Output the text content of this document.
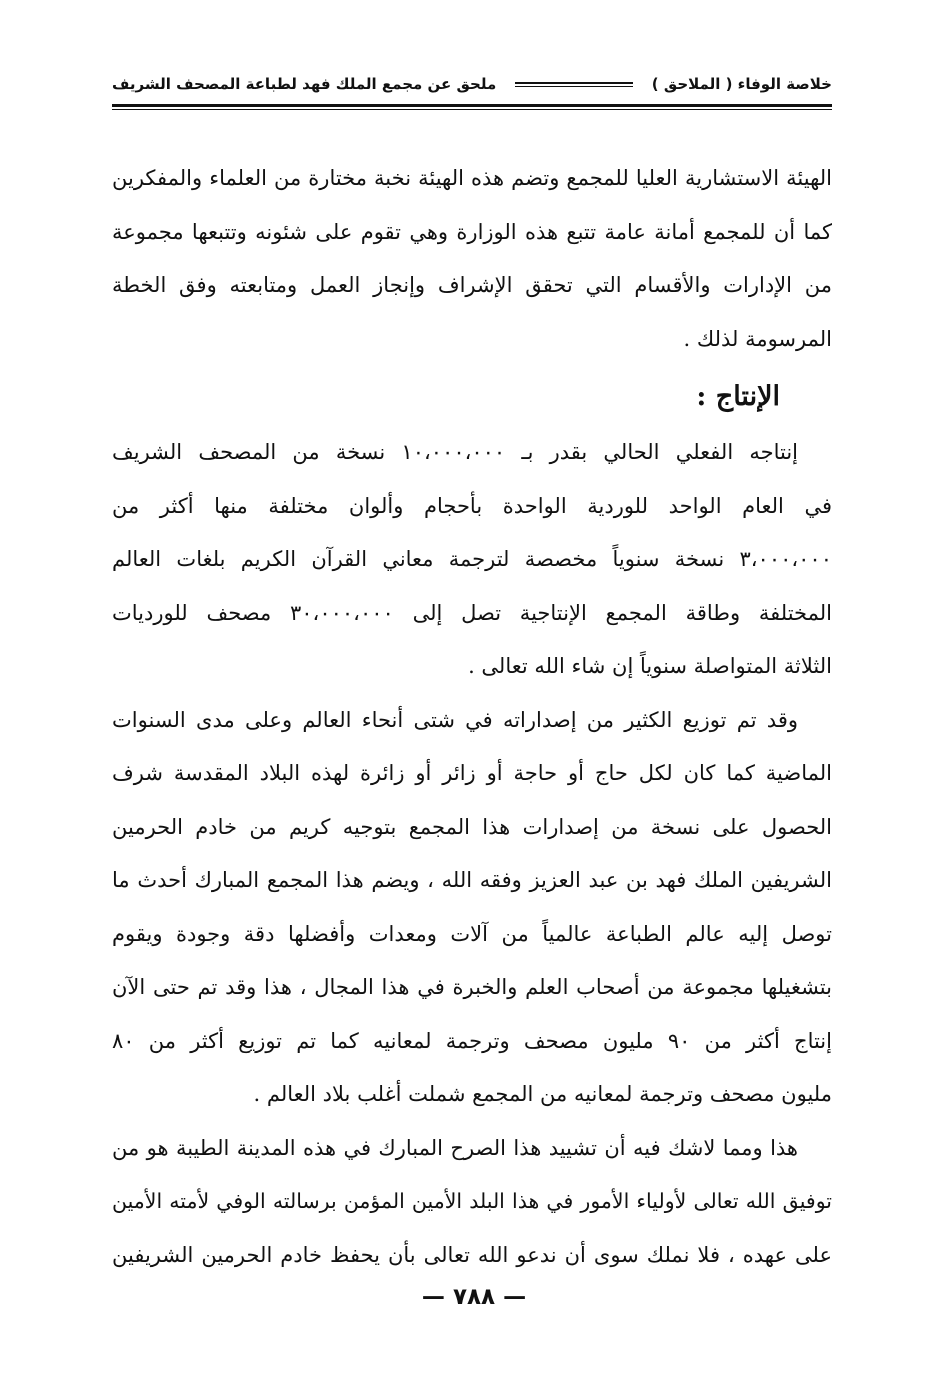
خلاصة الوفاء ( الملاحق )
ملحق عن مجمع الملك فهد لطباعة المصحف الشريف

الهيئة الاستشارية العليا للمجمع وتضم هذه الهيئة نخبة مختارة من العلماء والمفكرين
كما أن للمجمع أمانة عامة تتبع هذه الوزارة وهي تقوم على شئونه وتتبعها مجموعة
من الإدارات والأقسام التي تحقق الإشراف وإنجاز العمل ومتابعته وفق الخطة
المرسومة لذلك .

الإنتاج :

إنتاجه الفعلي الحالي بقدر بـ ١٠،٠٠٠،٠٠٠ نسخة من المصحف الشريف
في العام الواحد للوردية الواحدة بأحجام وألوان مختلفة منها أكثر من
٣،٠٠٠،٠٠٠ نسخة سنوياً مخصصة لترجمة معاني القرآن الكريم بلغات العالم
المختلفة وطاقة المجمع الإنتاجية تصل إلى ٣٠،٠٠٠،٠٠٠ مصحف للورديات
الثلاثة المتواصلة سنوياً إن شاء الله تعالى .

وقد تم توزيع الكثير من إصداراته في شتى أنحاء العالم وعلى مدى السنوات
الماضية كما كان لكل حاج أو حاجة أو زائر أو زائرة لهذه البلاد المقدسة شرف
الحصول على نسخة من إصدارات هذا المجمع بتوجيه كريم من خادم الحرمين
الشريفين الملك فهد بن عبد العزيز وفقه الله ، ويضم هذا المجمع المبارك أحدث ما
توصل إليه عالم الطباعة عالمياً من آلات ومعدات وأفضلها دقة وجودة ويقوم
بتشغيلها مجموعة من أصحاب العلم والخبرة في هذا المجال ، هذا وقد تم حتى الآن
إنتاج أكثر من ٩٠ مليون مصحف وترجمة لمعانيه كما تم توزيع أكثر من ٨٠
مليون مصحف وترجمة لمعانيه من المجمع شملت أغلب بلاد العالم .

هذا ومما لاشك فيه أن تشييد هذا الصرح المبارك في هذه المدينة الطيبة هو من
توفيق الله تعالى لأولياء الأمور في هذا البلد الأمين المؤمن برسالته الوفي لأمته الأمين
على عهده ، فلا نملك سوى أن ندعو الله تعالى بأن يحفظ خادم الحرمين الشريفين

— ٧٨٨ —
